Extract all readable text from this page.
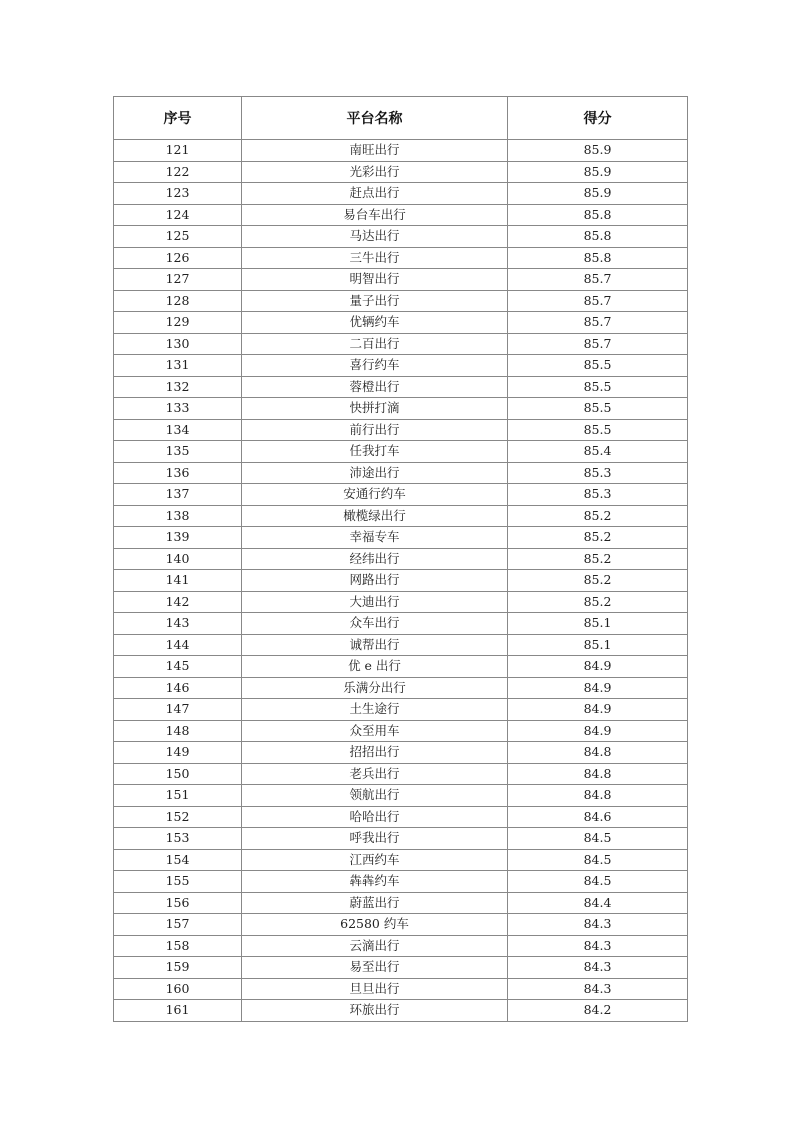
序号	平台名称	得分
121	南旺出行	85.9
122	光彩出行	85.9
123	赶点出行	85.9
124	易台车出行	85.8
125	马达出行	85.8
126	三牛出行	85.8
127	明智出行	85.7
128	量子出行	85.7
129	优辆约车	85.7
130	二百出行	85.7
131	喜行约车	85.5
132	蓉橙出行	85.5
133	快拼打滴	85.5
134	前行出行	85.5
135	任我打车	85.4
136	沛途出行	85.3
137	安通行约车	85.3
138	橄榄绿出行	85.2
139	幸福专车	85.2
140	经纬出行	85.2
141	网路出行	85.2
142	大迪出行	85.2
143	众车出行	85.1
144	诚帮出行	85.1
145	优 e 出行	84.9
146	乐满分出行	84.9
147	土生途行	84.9
148	众至用车	84.9
149	招招出行	84.8
150	老兵出行	84.8
151	领航出行	84.8
152	哈哈出行	84.6
153	呼我出行	84.5
154	江西约车	84.5
155	犇犇约车	84.5
156	蔚蓝出行	84.4
157	62580 约车	84.3
158	云滴出行	84.3
159	易至出行	84.3
160	旦旦出行	84.3
161	环旅出行	84.2
